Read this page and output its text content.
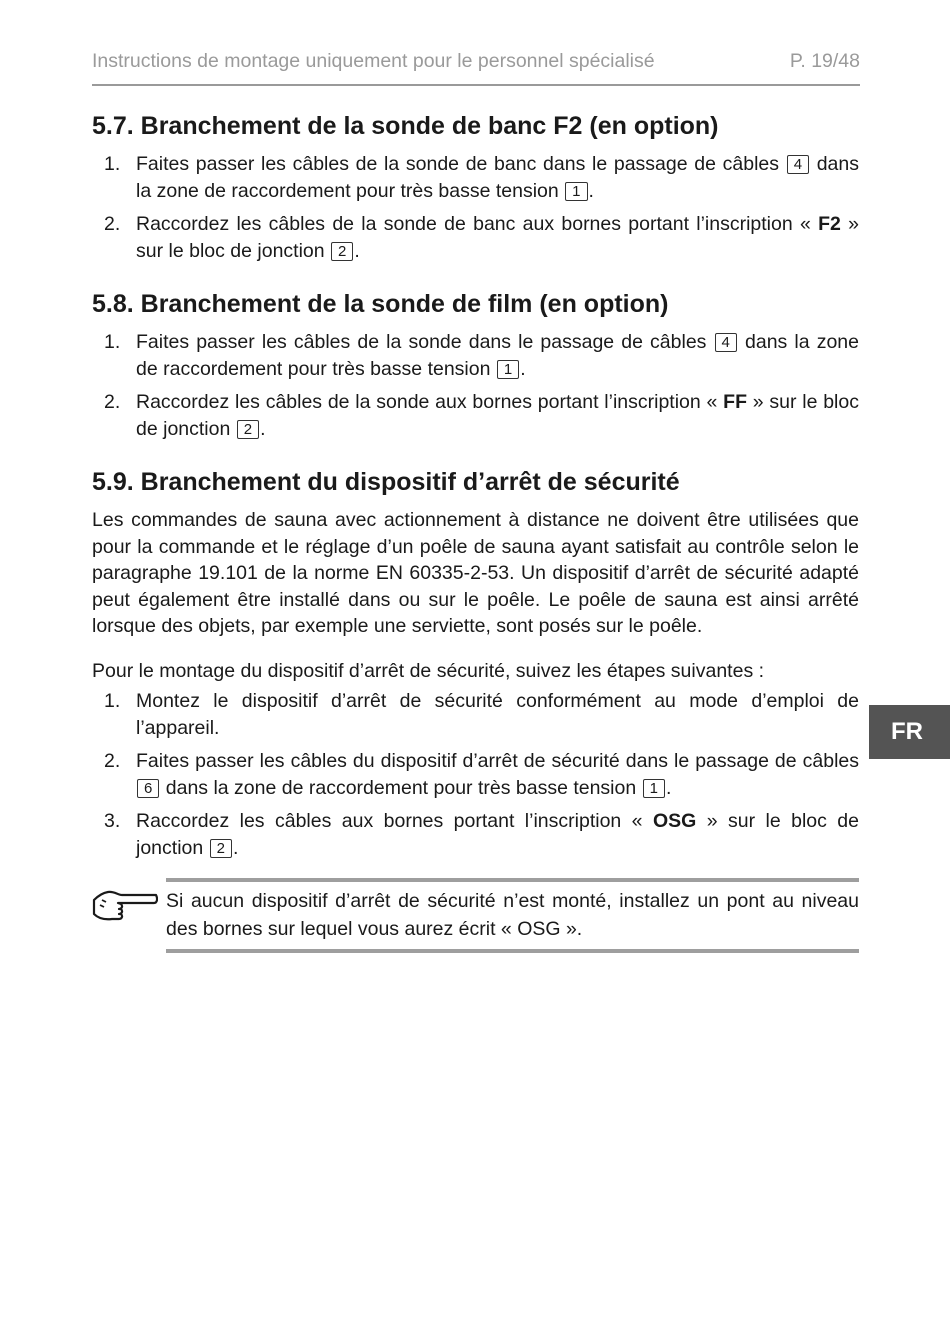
Instructions de montage uniquement pour le personnel spécialisé	P. 19/48
5.7. Branchement de la sonde de banc F2 (en option)
1. Faites passer les câbles de la sonde de banc dans le passage de câbles 4 dans la zone de raccordement pour très basse tension 1 .
2. Raccordez les câbles de la sonde de banc aux bornes portant l’inscription « F2 » sur le bloc de jonction 2 .
5.8. Branchement de la sonde de film (en option)
1. Faites passer les câbles de la sonde dans le passage de câbles 4 dans la zone de raccordement pour très basse tension 1 .
2. Raccordez les câbles de la sonde aux bornes portant l’inscription « FF » sur le bloc de jonction 2 .
5.9. Branchement du dispositif d’arrêt de sécurité

Les commandes de sauna avec actionnement à distance ne doivent être utilisées que pour la commande et le réglage d’un poêle de sauna ayant satisfait au contrôle selon le paragraphe 19.101 de la norme EN 60335-2-53. Un dispositif d’arrêt de sécurité adapté peut également être installé dans ou sur le poêle. Le poêle de sauna est ainsi arrêté lorsque des objets, par exemple une serviette, sont posés sur le poêle.

Pour le montage du dispositif d’arrêt de sécurité, suivez les étapes suivantes :

1. Montez le dispositif d’arrêt de sécurité conformément au mode d’emploi de l’appareil.
2. Faites passer les câbles du dispositif d’arrêt de sécurité dans le passage de câbles 6 dans la zone de raccordement pour très basse tension 1 .
3. Raccordez les câbles aux bornes portant l’inscription « OSG » sur le bloc de jonction 2 .
Si aucun dispositif d’arrêt de sécurité n’est monté, installez un pont au niveau des bornes sur lequel vous aurez écrit « OSG ».
FR
